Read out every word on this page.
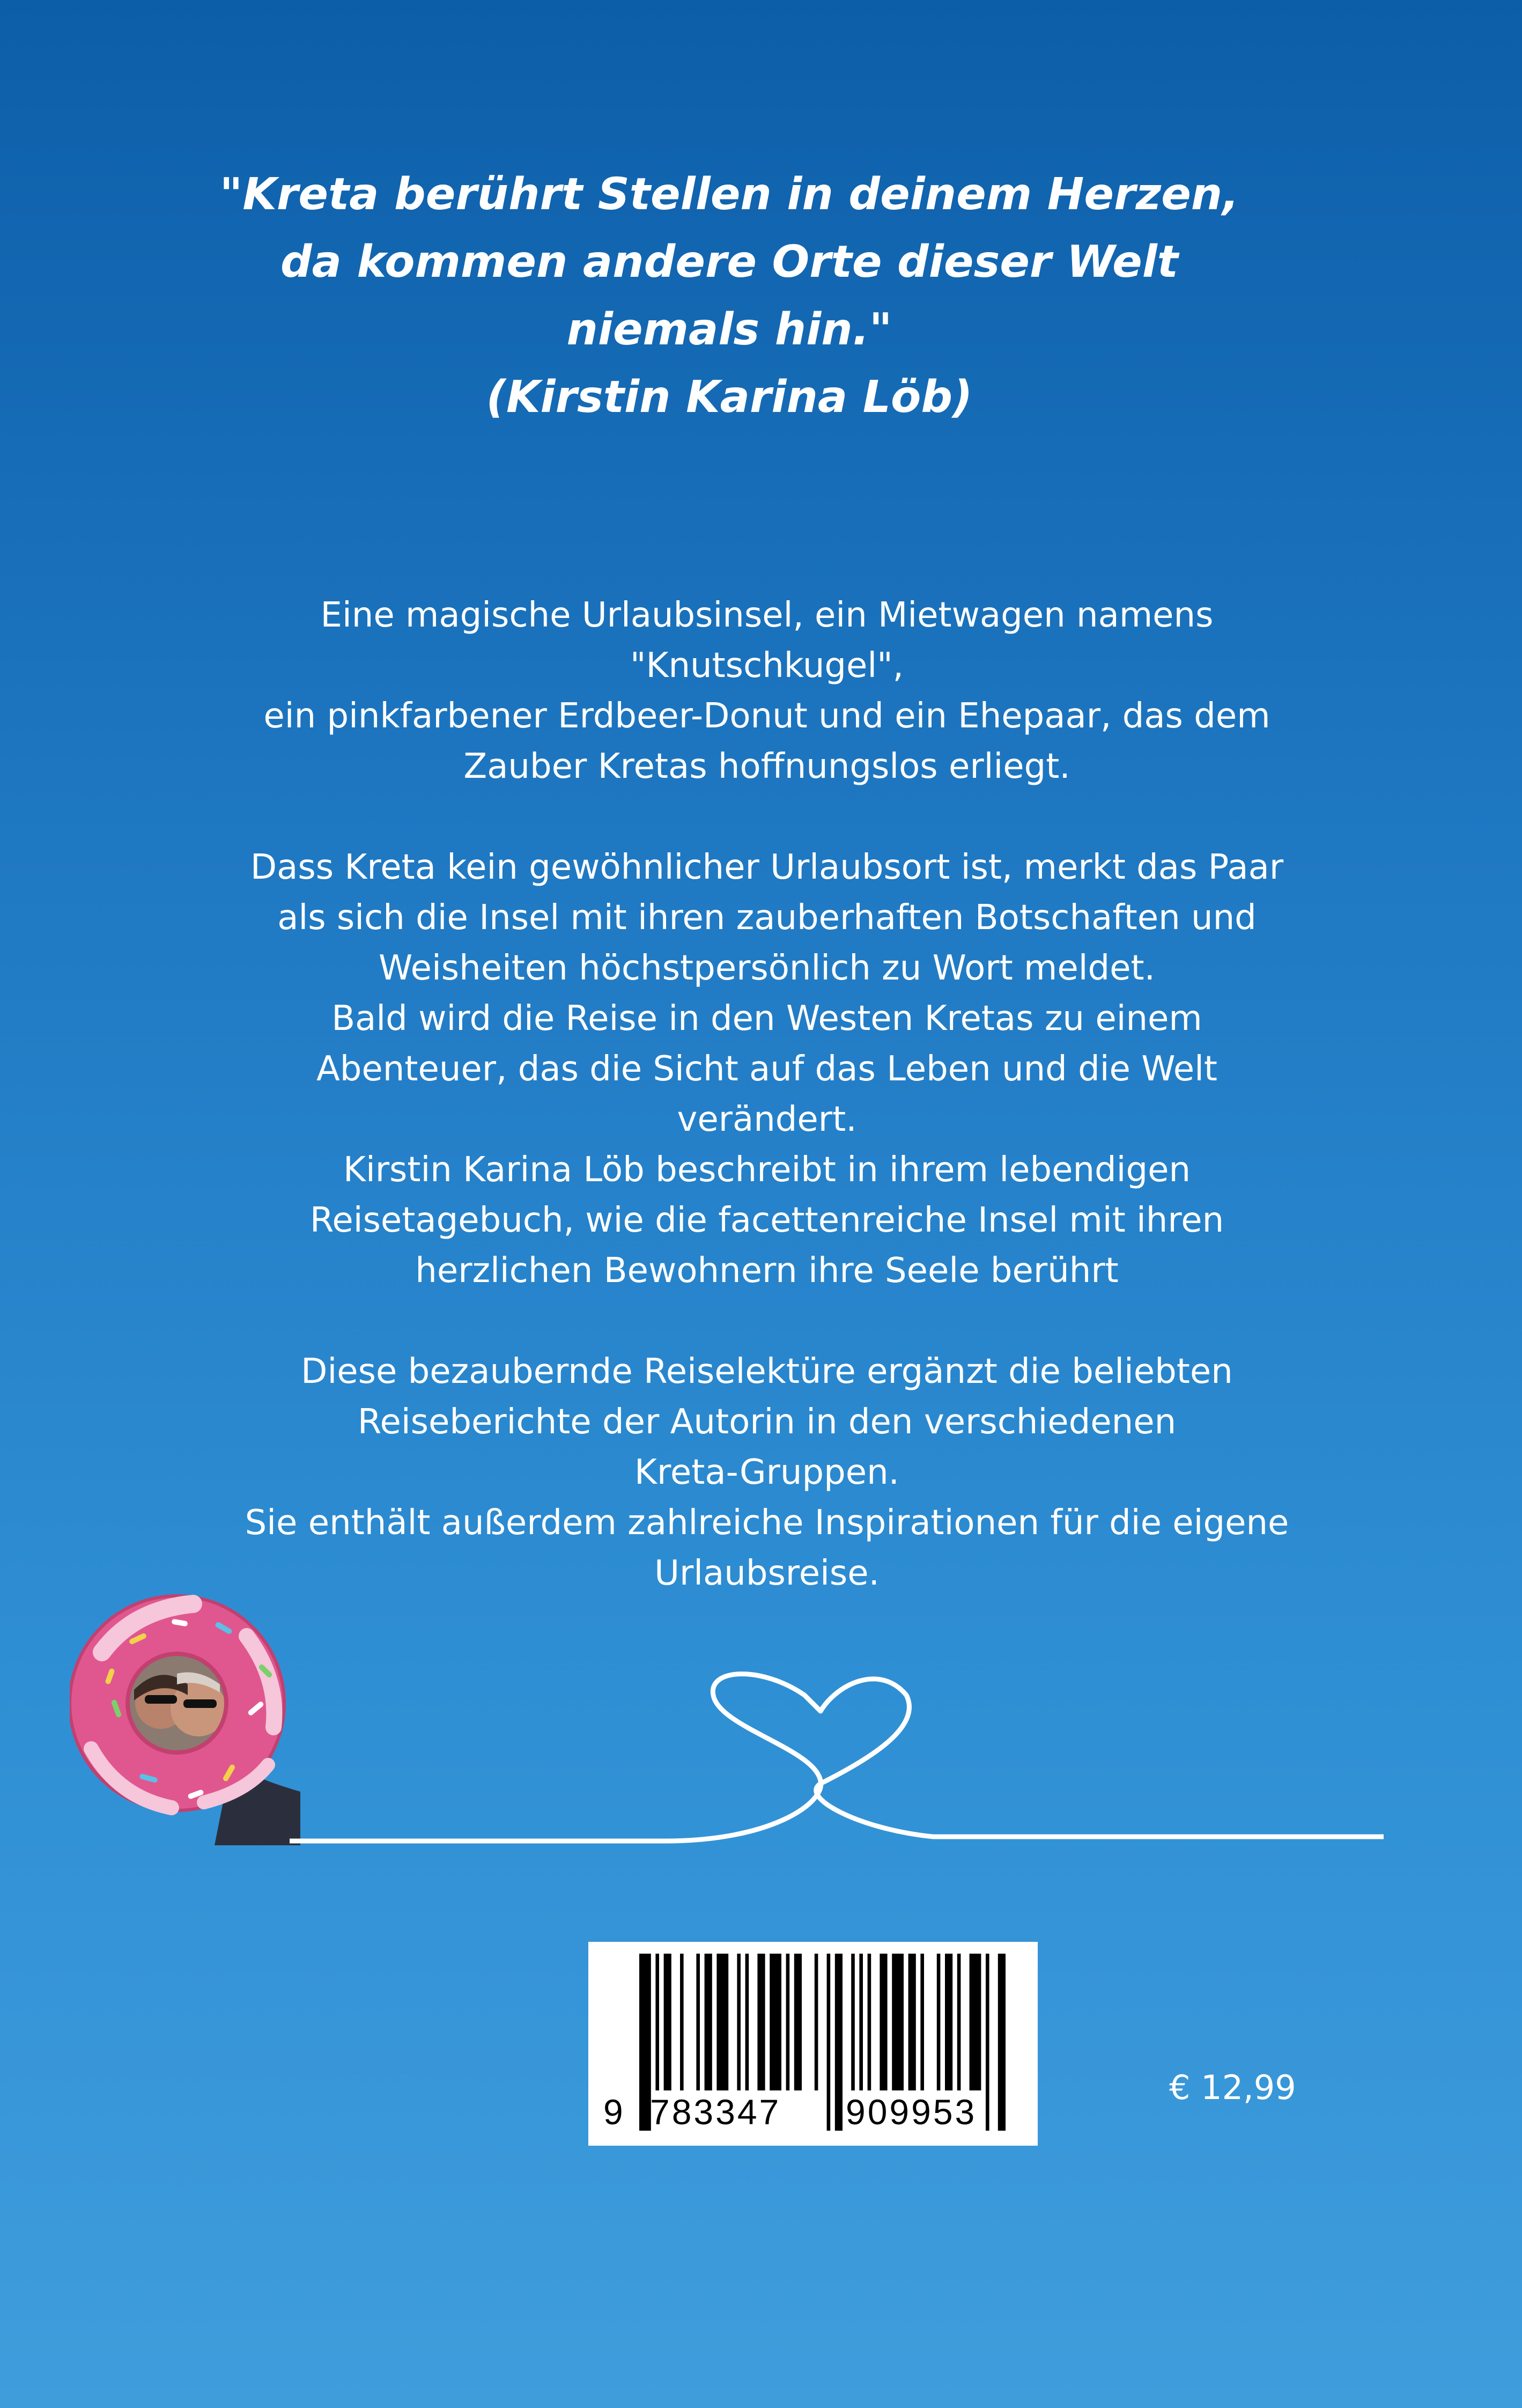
"Kreta berührt Stellen in deinem Herzen,
da kommen andere Orte dieser Welt
niemals hin."
(Kirstin Karina Löb)
Eine magische Urlaubsinsel, ein Mietwagen namens
"Knutschkugel",
ein pinkfarbener Erdbeer-Donut und ein Ehepaar, das dem
Zauber Kretas hoffnungslos erliegt.
Dass Kreta kein gewöhnlicher Urlaubsort ist, merkt das Paar
als sich die Insel mit ihren zauberhaften Botschaften und
Weisheiten höchstpersönlich zu Wort meldet.
Bald wird die Reise in den Westen Kretas zu einem
Abenteuer, das die Sicht auf das Leben und die Welt
verändert.
Kirstin Karina Löb beschreibt in ihrem lebendigen
Reisetagebuch, wie die facettenreiche Insel mit ihren
herzlichen Bewohnern ihre Seele berührt
Diese bezaubernde Reiselektüre ergänzt die beliebten
Reiseberichte der Autorin in den verschiedenen
Kreta-Gruppen.
Sie enthält außerdem zahlreiche Inspirationen für die eigene
Urlaubsreise.
9 783347 909953
€ 12,99
